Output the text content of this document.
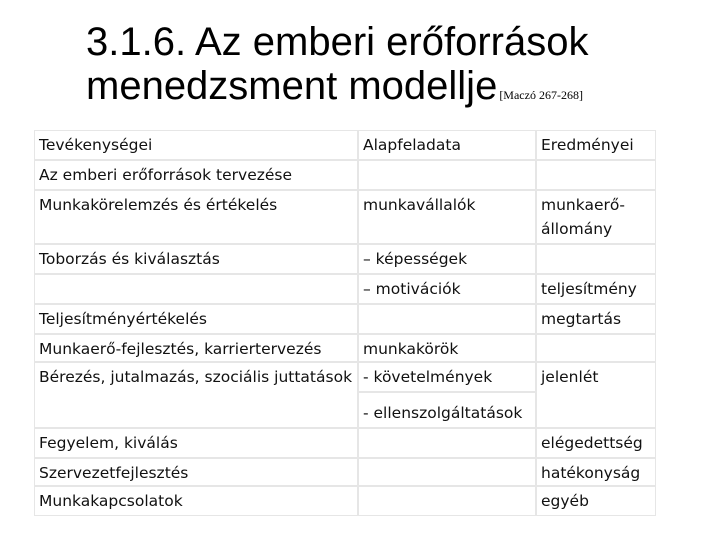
3.1.6. Az emberi erőforrások
menedzsment modellje [Maczó 267-268]
Tevékenységei
Az emberi erőforrások tervezése
Munkakörelemzés és értékelés
Toborzás és kiválasztás
Teljesítményértékelés
Munkaerő-fejlesztés, karriertervezés
Bérezés, jutalmazás, szociális juttatások
Fegyelem, kiválás
Szervezetfejlesztés
Munkakapcsolatok
Alapfeladata
munkavállalók
– képességek
– motivációk
munkakörök
- követelmények
- ellenszolgáltatások
Eredményei
munkaerő-állomány
teljesítmény
megtartás
jelenlét
elégedettség
hatékonyság
egyéb
